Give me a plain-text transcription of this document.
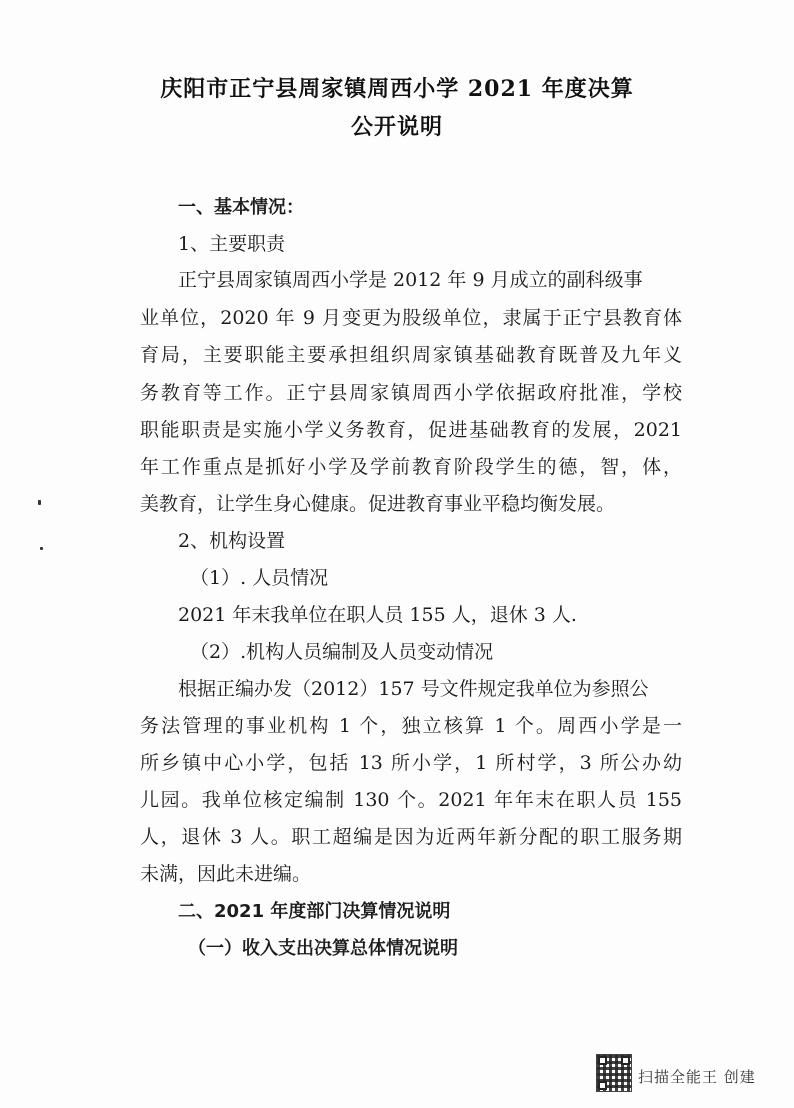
庆阳市正宁县周家镇周西小学 2021 年度决算
公开说明
一、基本情况：
1、主要职责
正宁县周家镇周西小学是 2012 年 9 月成立的副科级事
业单位，2020 年 9 月变更为股级单位，隶属于正宁县教育体
育局，主要职能主要承担组织周家镇基础教育既普及九年义
务教育等工作。正宁县周家镇周西小学依据政府批准，学校
职能职责是实施小学义务教育，促进基础教育的发展，2021
年工作重点是抓好小学及学前教育阶段学生的德，智，体，
美教育，让学生身心健康。促进教育事业平稳均衡发展。
2、机构设置
（1）. 人员情况
2021 年末我单位在职人员 155 人，退休 3 人.
（2）.机构人员编制及人员变动情况
根据正编办发（2012）157 号文件规定我单位为参照公
务法管理的事业机构 1 个，独立核算 1 个。周西小学是一
所乡镇中心小学，包括 13 所小学，1 所村学，3 所公办幼
儿园。我单位核定编制 130 个。2021 年年末在职人员 155
人，退休 3 人。职工超编是因为近两年新分配的职工服务期
未满，因此未进编。
二、2021 年度部门决算情况说明
（一）收入支出决算总体情况说明
扫描全能王 创建
